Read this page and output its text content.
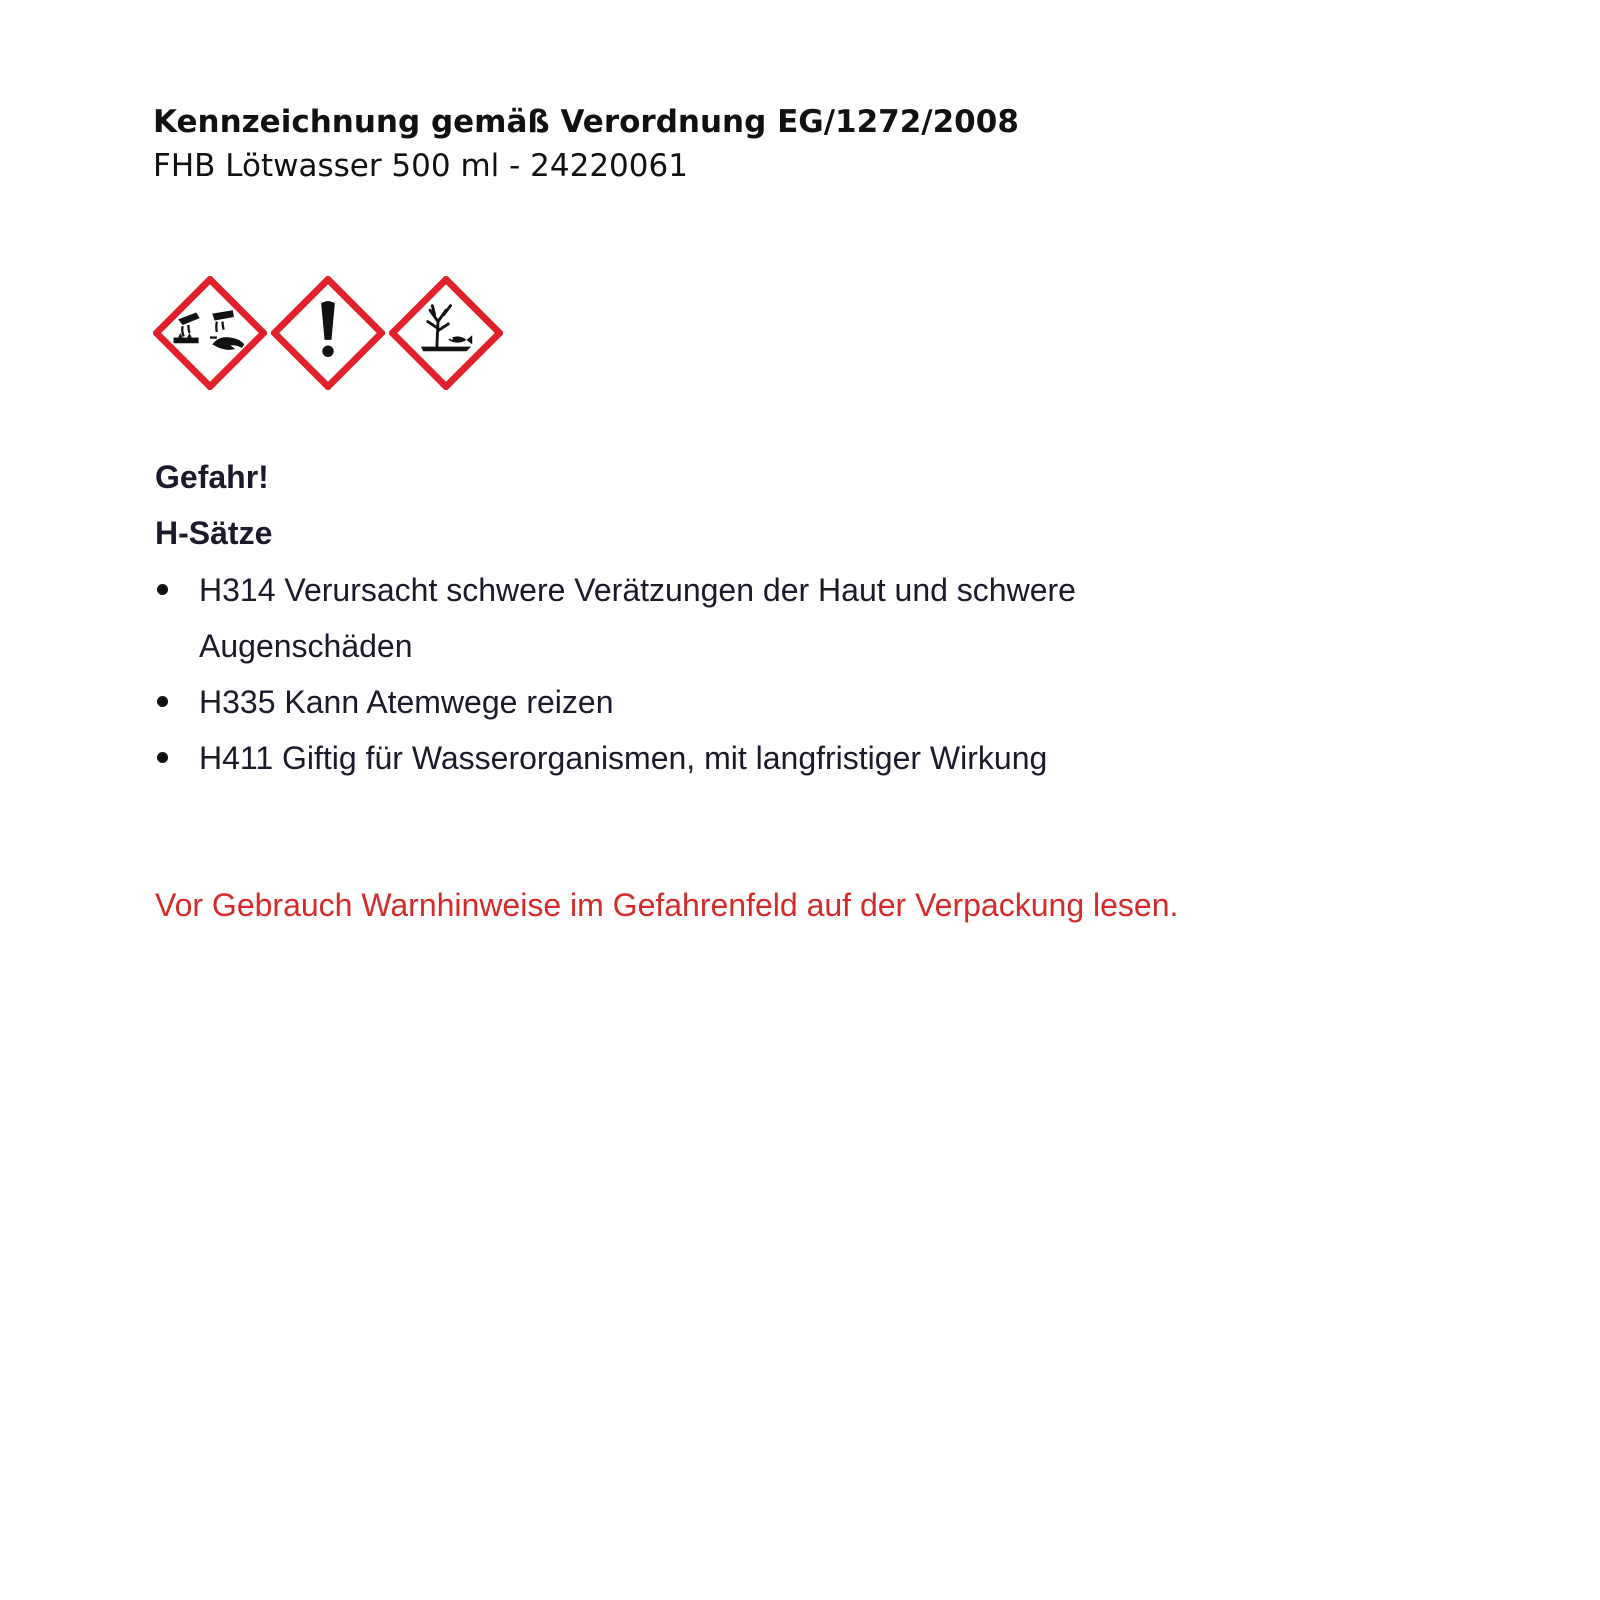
Kennzeichnung gemäß Verordnung EG/1272/2008
FHB Lötwasser 500 ml - 24220061
Gefahr!
H-Sätze
H314 Verursacht schwere Verätzungen der Haut und schwere Augenschäden
H335 Kann Atemwege reizen
H411 Giftig für Wasserorganismen, mit langfristiger Wirkung
Vor Gebrauch Warnhinweise im Gefahrenfeld auf der Verpackung lesen.
